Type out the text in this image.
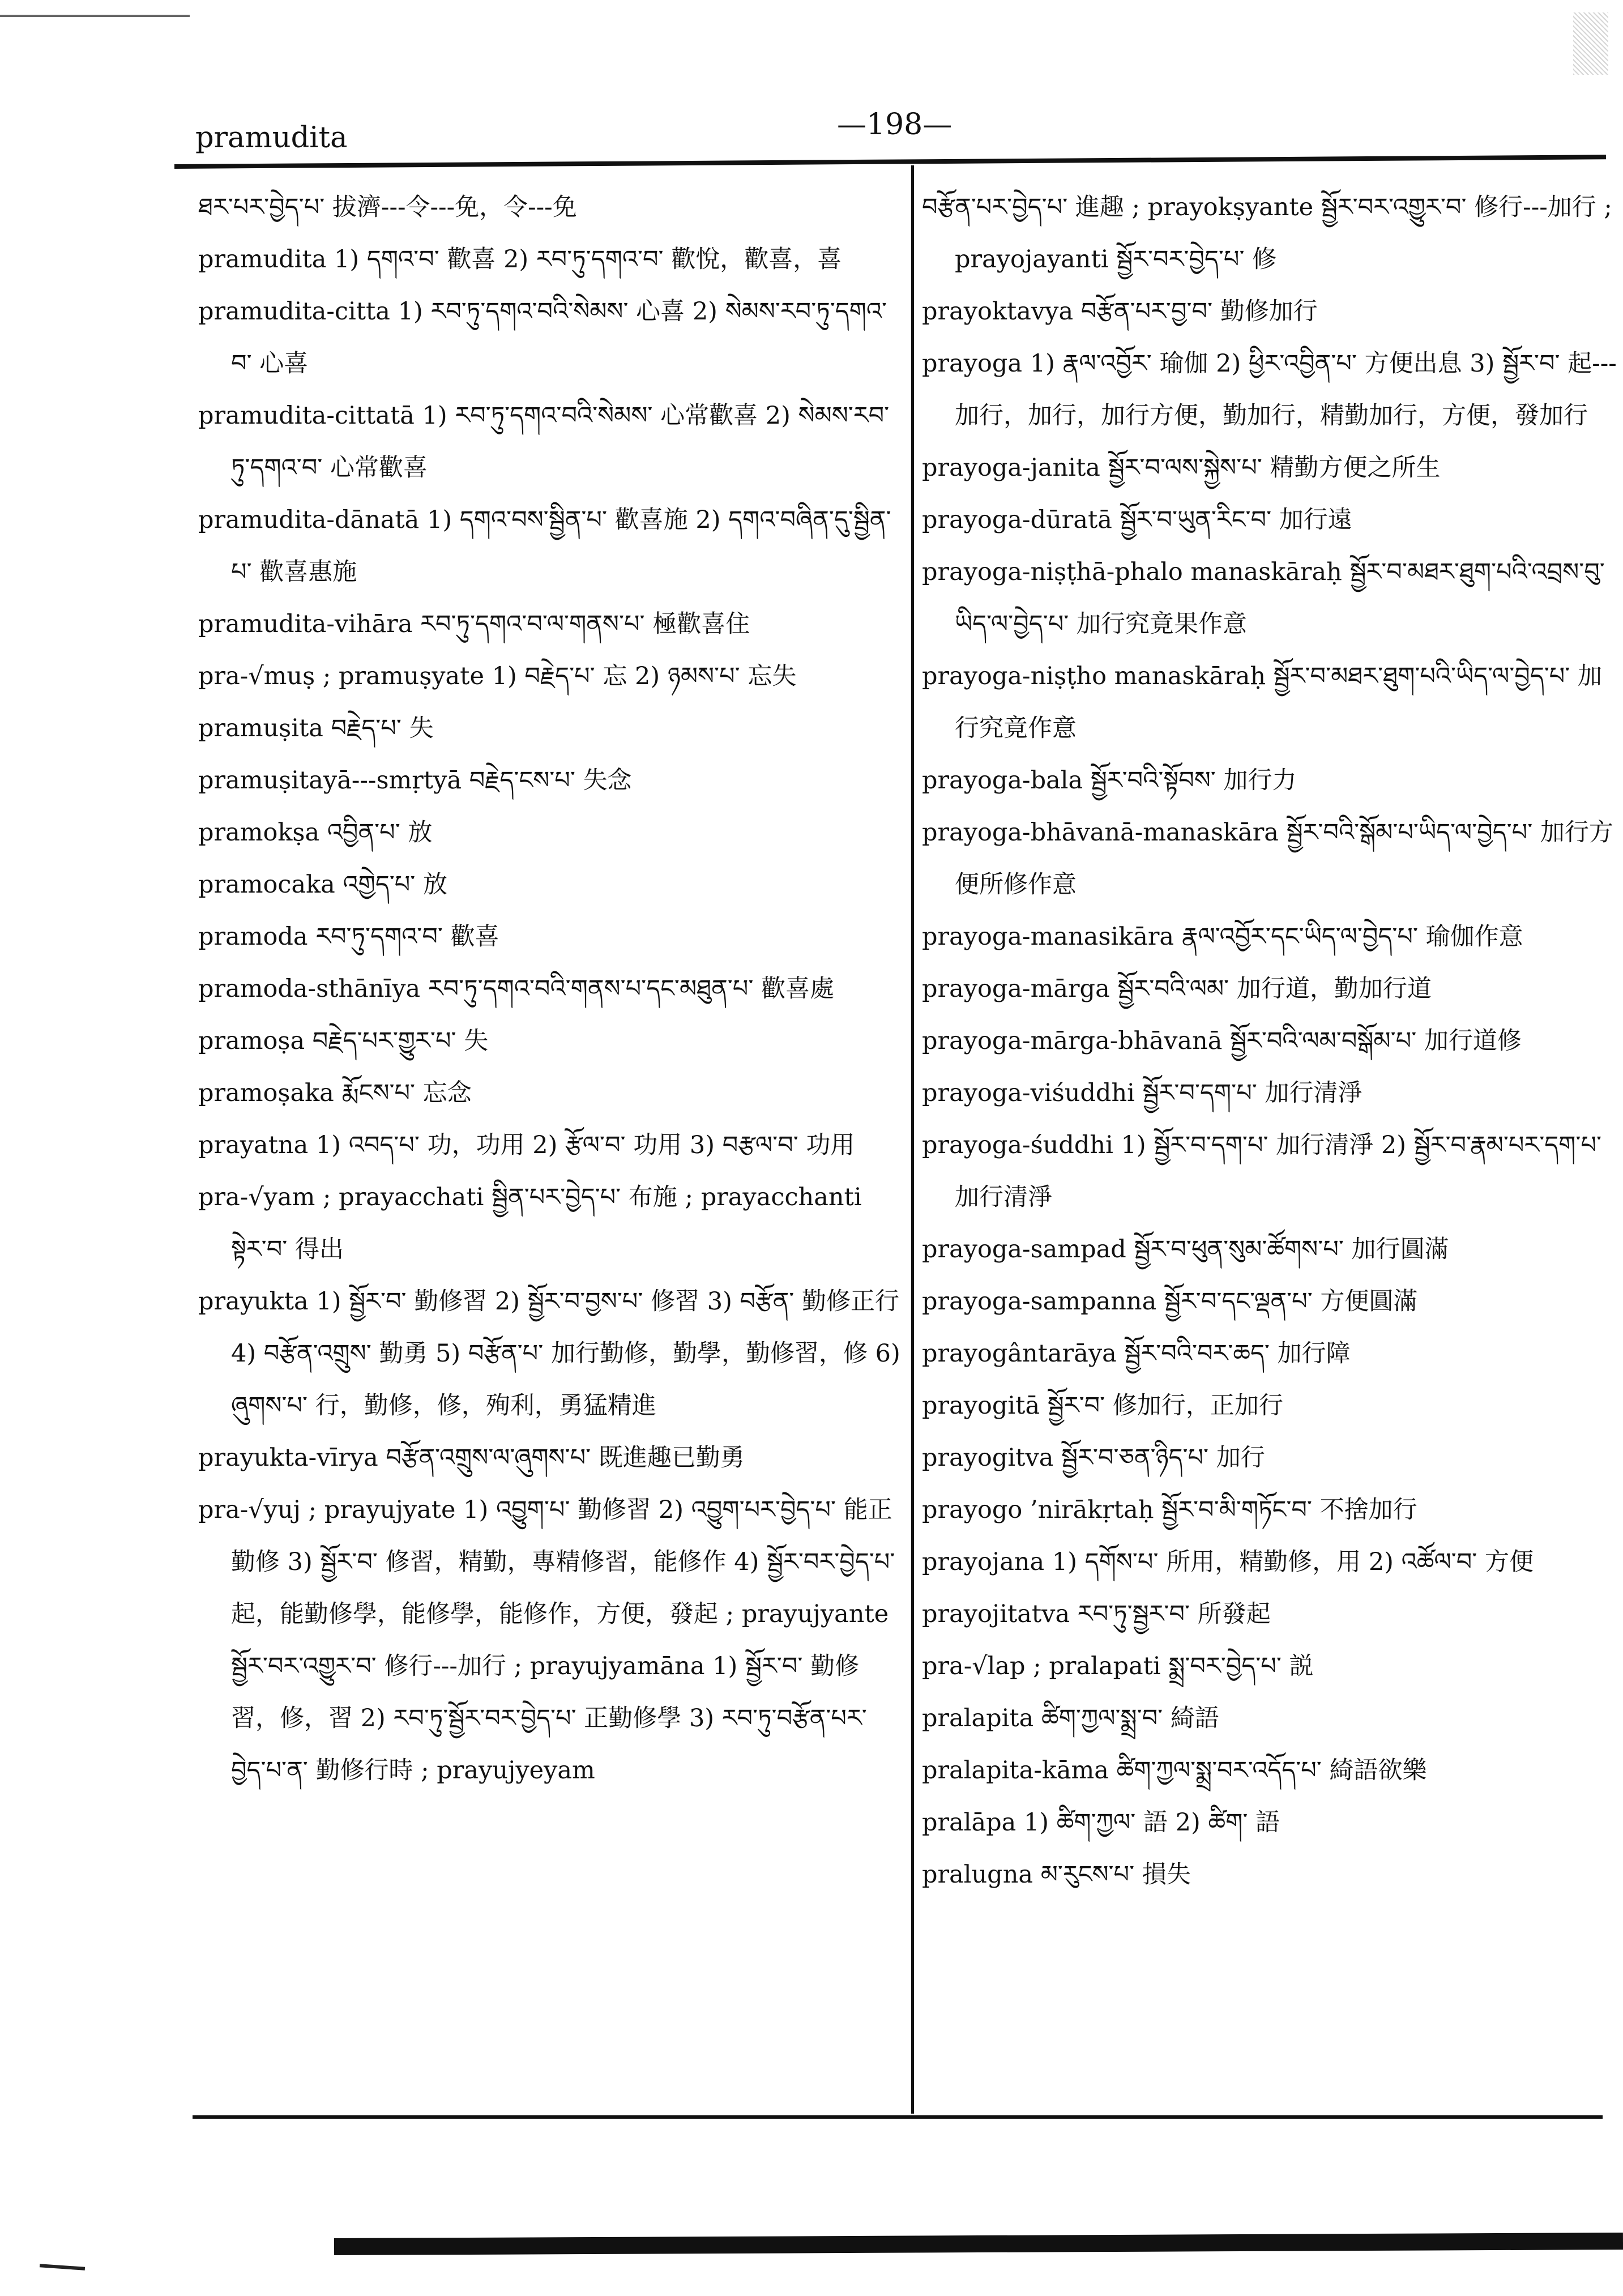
pramudita	—198—

ཐར་པར་བྱེད་པ་ 拔濟---令---免，令---免

pramudita 1) དགའ་བ་ 歡喜 2) རབ་ཏུ་དགའ་བ་ 歡悅，歡喜，喜

pramudita-citta 1) རབ་ཏུ་དགའ་བའི་སེམས་ 心喜 2) སེམས་རབ་ཏུ་དགའ་བ་ 心喜

pramudita-cittatā 1) རབ་ཏུ་དགའ་བའི་སེམས་ 心常歡喜 2) སེམས་རབ་ཏུ་དགའ་བ་ 心常歡喜

pramudita-dānatā 1) དགའ་བས་སྦྱིན་པ་ 歡喜施 2) དགའ་བཞིན་དུ་སྦྱིན་པ་ 歡喜惠施

pramudita-vihāra རབ་ཏུ་དགའ་བ་ལ་གནས་པ་ 極歡喜住

pra-√muṣ ; pramuṣyate 1) བརྗེད་པ་ 忘 2) ཉམས་པ་ 忘失

pramuṣita བརྗེད་པ་ 失

pramuṣitayā---smṛtyā བརྗེད་ངས་པ་ 失念

pramokṣa འབྱིན་པ་ 放

pramocaka འགྱེད་པ་ 放

pramoda རབ་ཏུ་དགའ་བ་ 歡喜

pramoda-sthānīya རབ་ཏུ་དགའ་བའི་གནས་པ་དང་མཐུན་པ་ 歡喜處

pramoṣa བརྗེད་པར་གྱུར་པ་ 失

pramoṣaka རྨོངས་པ་ 忘念

prayatna 1) འབད་པ་ 功，功用 2) རྩོལ་བ་ 功用 3) བརྩལ་བ་ 功用

pra-√yam ; prayacchati སྦྱིན་པར་བྱེད་པ་ 布施 ; prayacchanti སྟེར་བ་ 得出

prayukta 1) སྦྱོར་བ་ 勤修習 2) སྦྱོར་བ་བྱས་པ་ 修習 3) བརྩོན་ 勤修正行 4) བརྩོན་འགྲུས་ 勤勇 5) བརྩོན་པ་ 加行勤修，勤學，勤修習，修 6) ཞུགས་པ་ 行，勤修，修，殉利，勇猛精進

prayukta-vīrya བརྩོན་འགྲུས་ལ་ཞུགས་པ་ 既進趣已勤勇

pra-√yuj ; prayujyate 1) འབྱུག་པ་ 勤修習 2) འབྱུག་པར་བྱེད་པ་ 能正勤修 3) སྦྱོར་བ་ 修習，精勤，專精修習，能修作 4) སྦྱོར་བར་བྱེད་པ་ 起，能勤修學，能修學，能修作，方便，發起 ; prayujyante སྦྱོར་བར་འགྱུར་བ་ 修行---加行 ; prayujyamāna 1) སྦྱོར་བ་ 勤修習，修，習 2) རབ་ཏུ་སྦྱོར་བར་བྱེད་པ་ 正勤修學 3) རབ་ཏུ་བརྩོན་པར་བྱེད་པ་ན་ 勤修行時 ; prayujyeyam

བརྩོན་པར་བྱེད་པ་ 進趣 ; prayokṣyante སྦྱོར་བར་འགྱུར་བ་ 修行---加行 ; prayojayanti སྦྱོར་བར་བྱེད་པ་ 修

prayoktavya བརྩོན་པར་བྱ་བ་ 勤修加行

prayoga 1) རྣལ་འབྱོར་ 瑜伽 2) ཕྱིར་འབྱིན་པ་ 方便出息 3) སྦྱོར་བ་ 起---加行，加行，加行方便，勤加行，精勤加行，方便，發加行

prayoga-janita སྦྱོར་བ་ལས་སྐྱེས་པ་ 精勤方便之所生

prayoga-dūratā སྦྱོར་བ་ཡུན་རིང་བ་ 加行遠

prayoga-niṣṭhā-phalo manaskāraḥ སྦྱོར་བ་མཐར་ཐུག་པའི་འབྲས་བུ་ཡིད་ལ་བྱེད་པ་ 加行究竟果作意

prayoga-niṣṭho manaskāraḥ སྦྱོར་བ་མཐར་ཐུག་པའི་ཡིད་ལ་བྱེད་པ་ 加行究竟作意

prayoga-bala སྦྱོར་བའི་སྟོབས་ 加行力

prayoga-bhāvanā-manaskāra སྦྱོར་བའི་སྒོམ་པ་ཡིད་ལ་བྱེད་པ་ 加行方便所修作意

prayoga-manasikāra རྣལ་འབྱོར་དང་ཡིད་ལ་བྱེད་པ་ 瑜伽作意

prayoga-mārga སྦྱོར་བའི་ལམ་ 加行道，勤加行道

prayoga-mārga-bhāvanā སྦྱོར་བའི་ལམ་བསྒོམ་པ་ 加行道修

prayoga-viśuddhi སྦྱོར་བ་དག་པ་ 加行清淨

prayoga-śuddhi 1) སྦྱོར་བ་དག་པ་ 加行清淨 2) སྦྱོར་བ་རྣམ་པར་དག་པ་ 加行清淨

prayoga-sampad སྦྱོར་བ་ཕུན་སུམ་ཚོགས་པ་ 加行圓滿

prayoga-sampanna སྦྱོར་བ་དང་ལྡན་པ་ 方便圓滿

prayogântarāya སྦྱོར་བའི་བར་ཆད་ 加行障

prayogitā སྦྱོར་བ་ 修加行，正加行

prayogitva སྦྱོར་བ་ཅན་ཉིད་པ་ 加行

prayogo ’nirākṛtaḥ སྦྱོར་བ་མི་གཏོང་བ་ 不捨加行

prayojana 1) དགོས་པ་ 所用，精勤修，用 2) འཚོལ་བ་ 方便

prayojitatva རབ་ཏུ་སྦྱར་བ་ 所發起

pra-√lap ; pralapati སྨྲ་བར་བྱེད་པ་ 説

pralapita ཚིག་ཀྱལ་སྨྲ་བ་ 綺語

pralapita-kāma ཚིག་ཀྱལ་སྨྲ་བར་འདོད་པ་ 綺語欲樂

pralāpa 1) ཚིག་ཀྱལ་ 語 2) ཚིག་ 語

pralugna མ་རུངས་པ་ 損失
